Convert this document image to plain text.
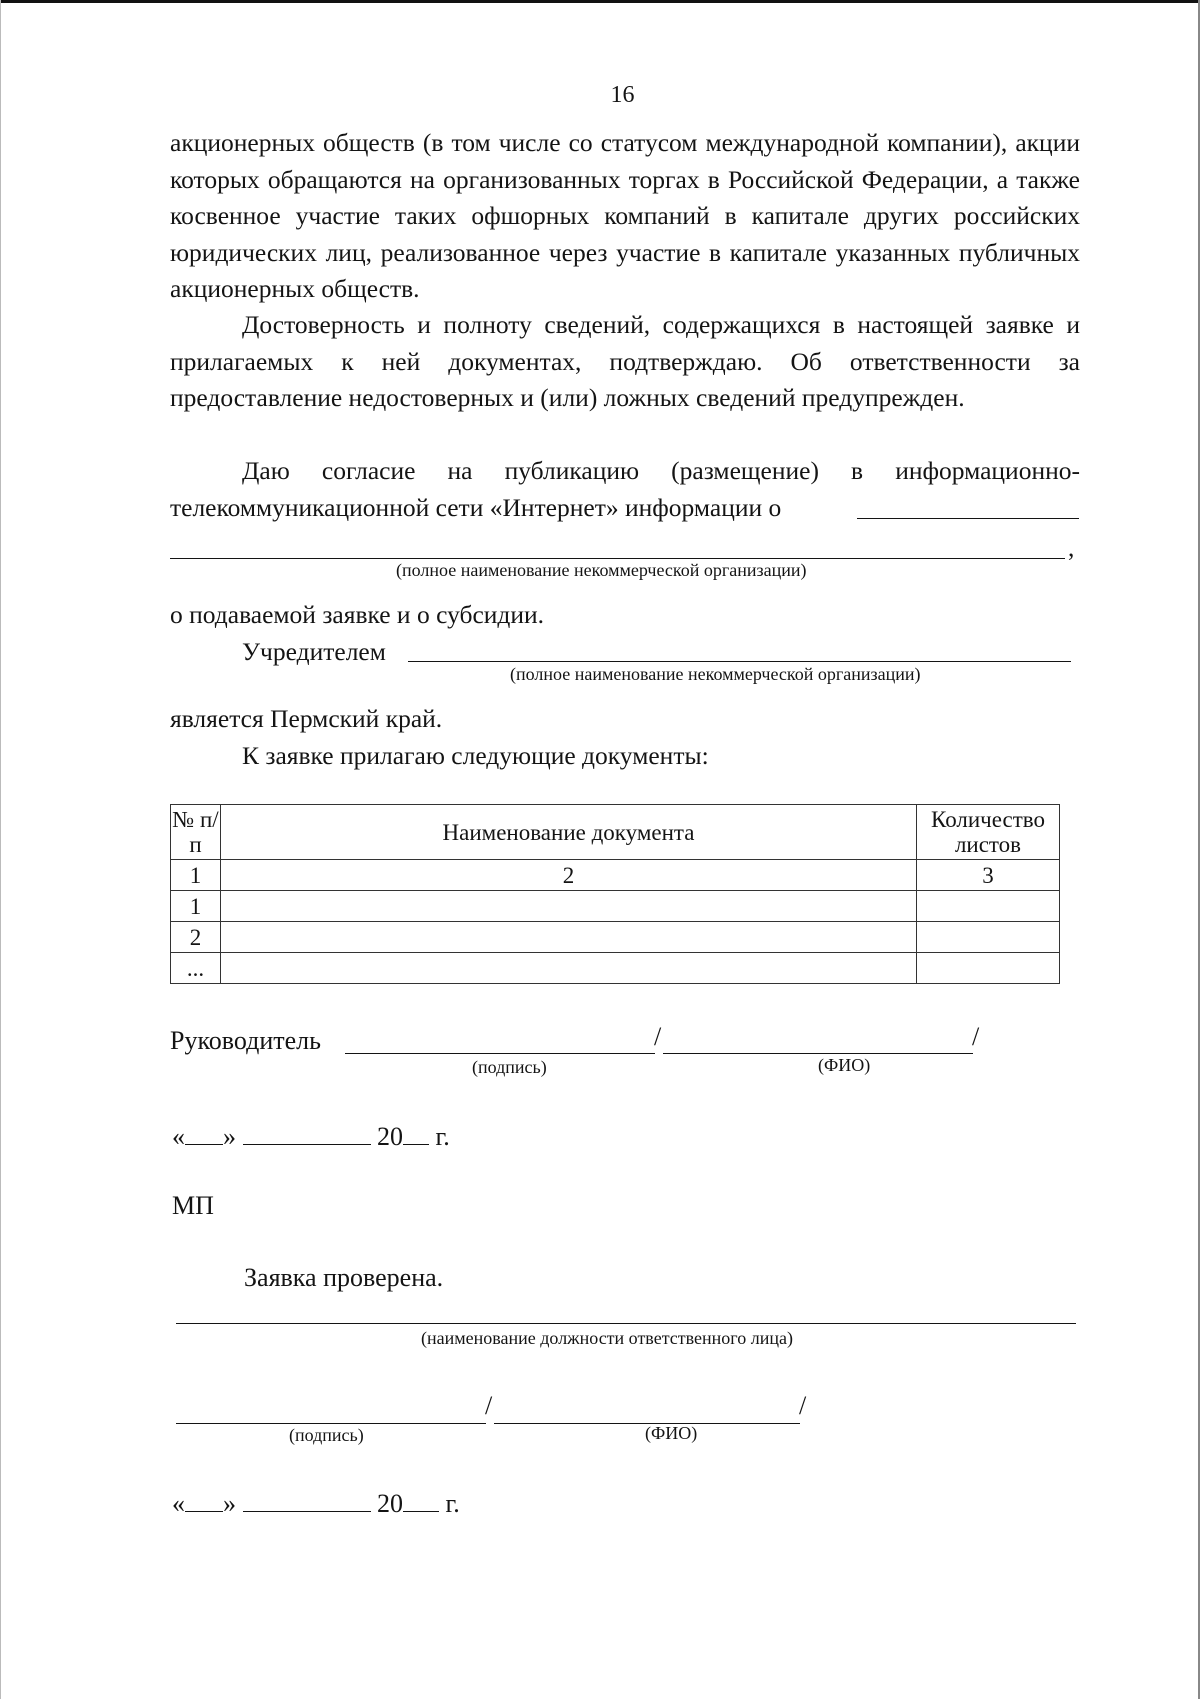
16

акционерных обществ (в том числе со статусом международной компании), акции которых обращаются на организованных торгах в Российской Федерации, а также косвенное участие таких офшорных компаний в капитале других российских юридических лиц, реализованное через участие в капитале указанных публичных акционерных обществ.

Достоверность и полноту сведений, содержащихся в настоящей заявке и прилагаемых к ней документах, подтверждаю. Об ответственности за предоставление недостоверных и (или) ложных сведений предупрежден.

Даю согласие на публикацию (размещение) в информационно-
телекоммуникационной сети «Интернет» информации о
,
(полное наименование некоммерческой организации)
о подаваемой заявке и о субсидии.
Учредителем
(полное наименование некоммерческой организации)
является Пермский край.
К заявке прилагаю следующие документы:
№ п/п	Наименование документа	Количество листов
1	2	3
1		
2		
...		
Руководитель	/	/
(подпись)	(ФИО)
« »	20 г.
МП
Заявка проверена.
(наименование должности ответственного лица)
/	/
(подпись)	(ФИО)
« »	20 г.
